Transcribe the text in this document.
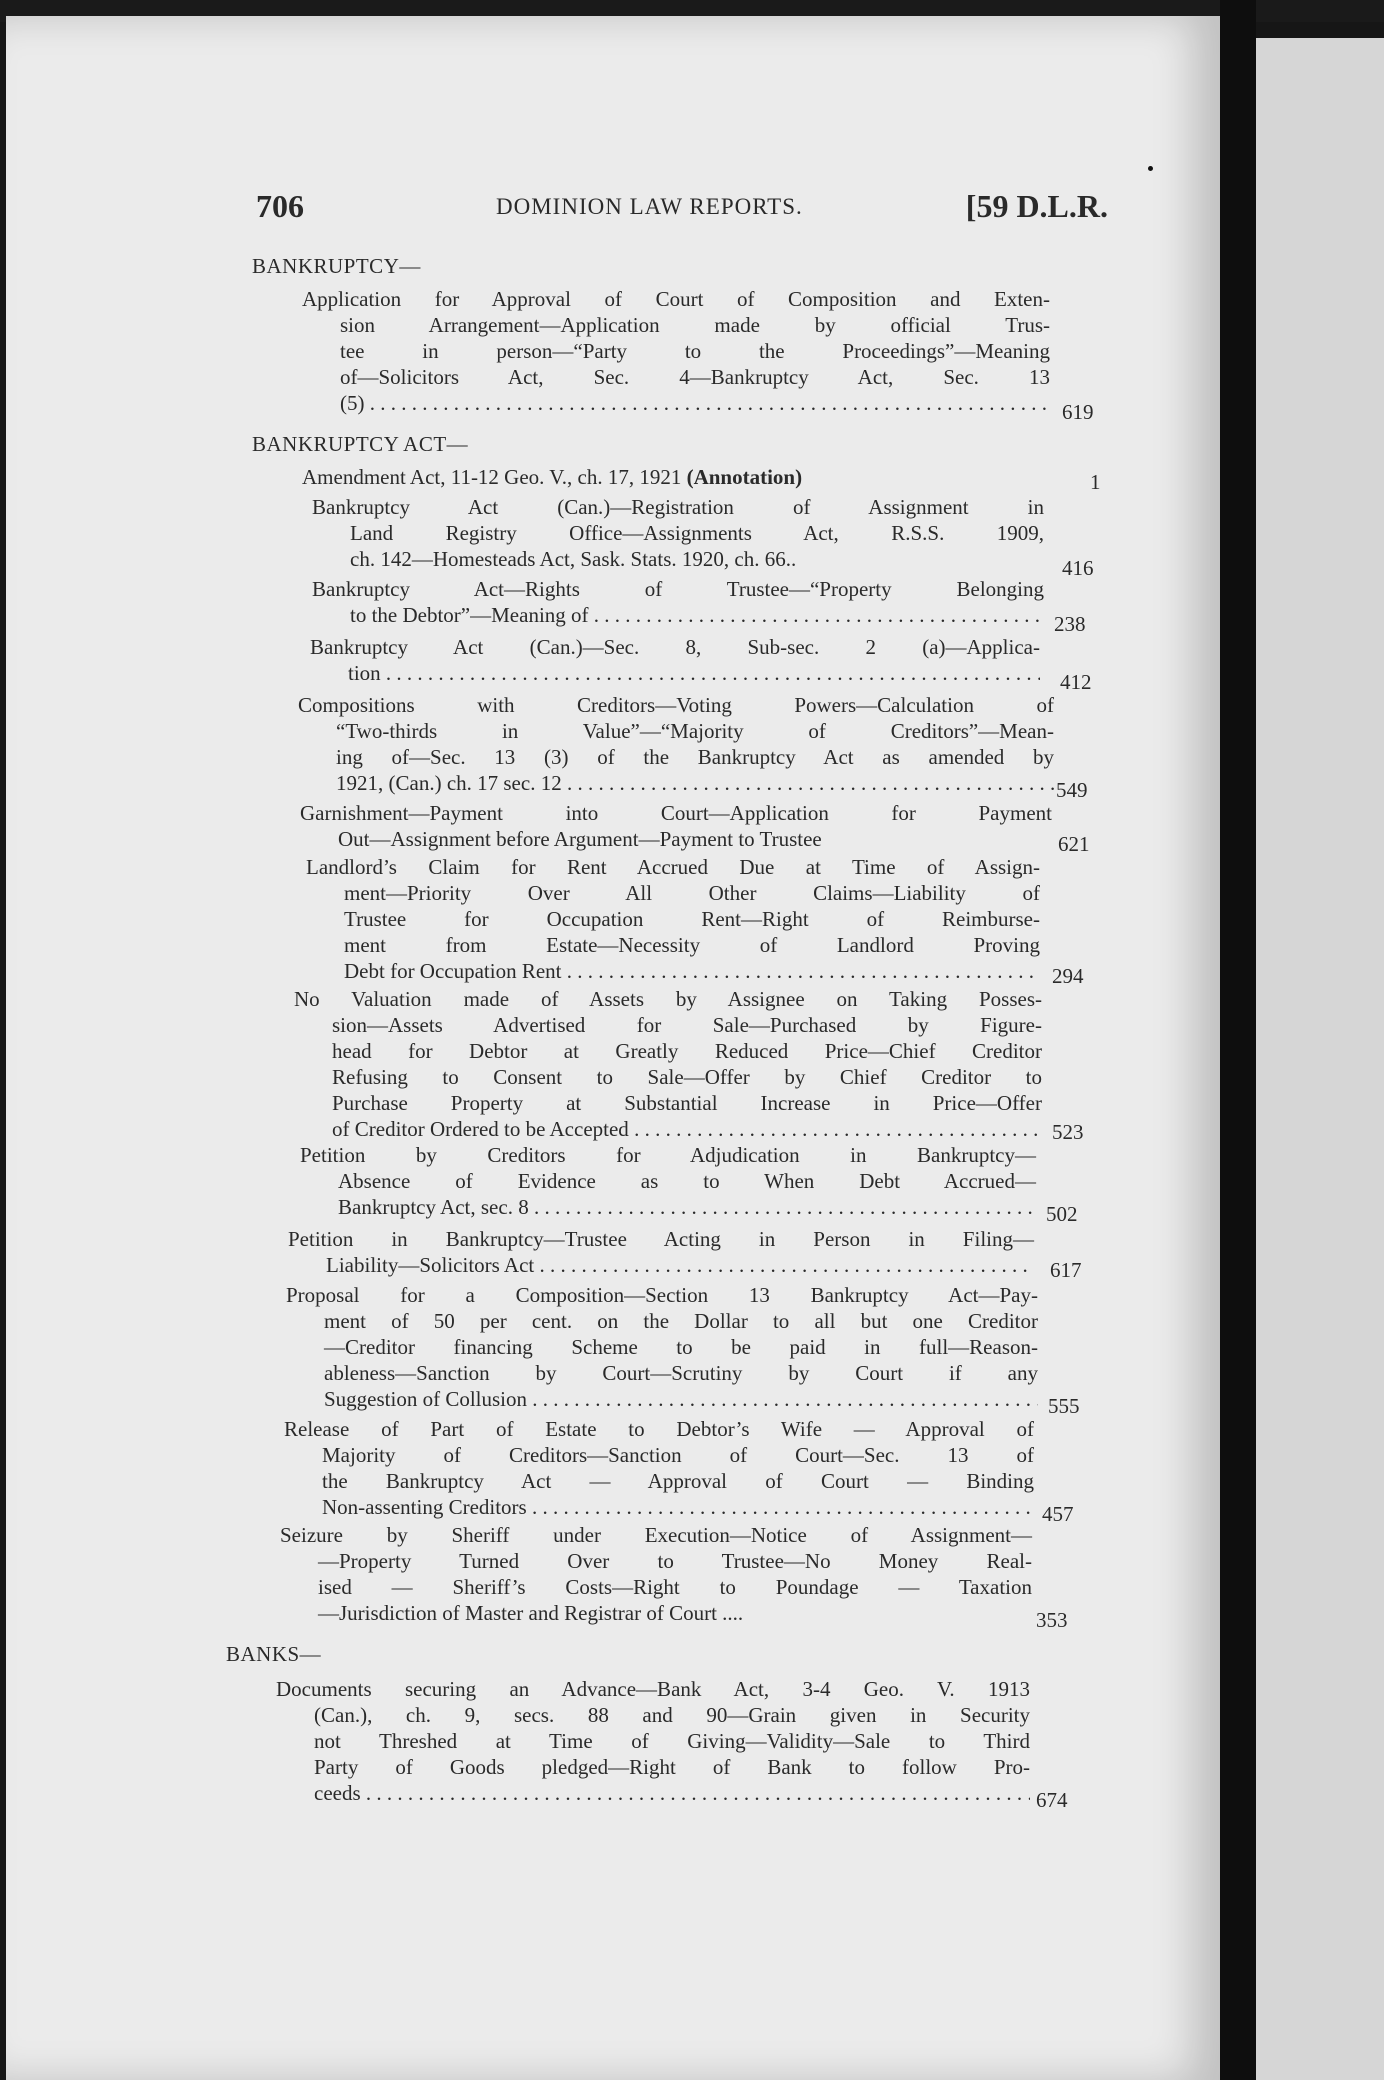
706	DOMINION LAW REPORTS.	[59 D.L.R.
BANKRUPTCY—
Application for Approval of Court of Composition and Exten-
sion Arrangement—Application made by official Trus-
tee in person—“Party to the Proceedings”—Meaning
of—Solicitors Act, Sec. 4—Bankruptcy Act, Sec. 13
(5) . . .	619
BANKRUPTCY ACT—
Amendment Act, 11-12 Geo. V., ch. 17, 1921 (Annotation)	1
Bankruptcy Act (Can.)—Registration of Assignment in
Land Registry Office—Assignments Act, R.S.S. 1909,
ch. 142—Homesteads Act, Sask. Stats. 1920, ch. 66..	416
Bankruptcy Act—Rights of Trustee—“Property Belonging
to the Debtor”—Meaning of . . .	238
Bankruptcy Act (Can.)—Sec. 8, Sub-sec. 2 (a)—Applica-
tion . . .	412
Compositions with Creditors—Voting Powers—Calculation of
“Two-thirds in Value”—“Majority of Creditors”—Mean-
ing of—Sec. 13 (3) of the Bankruptcy Act as amended by
1921, (Can.) ch. 17 sec. 12 . . .	549
Garnishment—Payment into Court—Application for Payment
Out—Assignment before Argument—Payment to Trustee	621
Landlord’s Claim for Rent Accrued Due at Time of Assign-
ment—Priority Over All Other Claims—Liability of
Trustee for Occupation Rent—Right of Reimburse-
ment from Estate—Necessity of Landlord Proving
Debt for Occupation Rent . . .	294
No Valuation made of Assets by Assignee on Taking Posses-
sion—Assets Advertised for Sale—Purchased by Figure-
head for Debtor at Greatly Reduced Price—Chief Creditor
Refusing to Consent to Sale—Offer by Chief Creditor to
Purchase Property at Substantial Increase in Price—Offer
of Creditor Ordered to be Accepted . . .	523
Petition by Creditors for Adjudication in Bankruptcy—
Absence of Evidence as to When Debt Accrued—
Bankruptcy Act, sec. 8 . . .	502
Petition in Bankruptcy—Trustee Acting in Person in Filing—
Liability—Solicitors Act . . .	617
Proposal for a Composition—Section 13 Bankruptcy Act—Pay-
ment of 50 per cent. on the Dollar to all but one Creditor
—Creditor financing Scheme to be paid in full—Reason-
ableness—Sanction by Court—Scrutiny by Court if any
Suggestion of Collusion . . .	555
Release of Part of Estate to Debtor’s Wife — Approval of
Majority of Creditors—Sanction of Court—Sec. 13 of
the Bankruptcy Act — Approval of Court — Binding
Non-assenting Creditors . . .	457
Seizure by Sheriff under Execution—Notice of Assignment—
—Property Turned Over to Trustee—No Money Real-
ised — Sheriff’s Costs—Right to Poundage — Taxation
—Jurisdiction of Master and Registrar of Court ....	353
BANKS—
Documents securing an Advance—Bank Act, 3-4 Geo. V. 1913
(Can.), ch. 9, secs. 88 and 90—Grain given in Security
not Threshed at Time of Giving—Validity—Sale to Third
Party of Goods pledged—Right of Bank to follow Pro-
ceeds . . .	674
